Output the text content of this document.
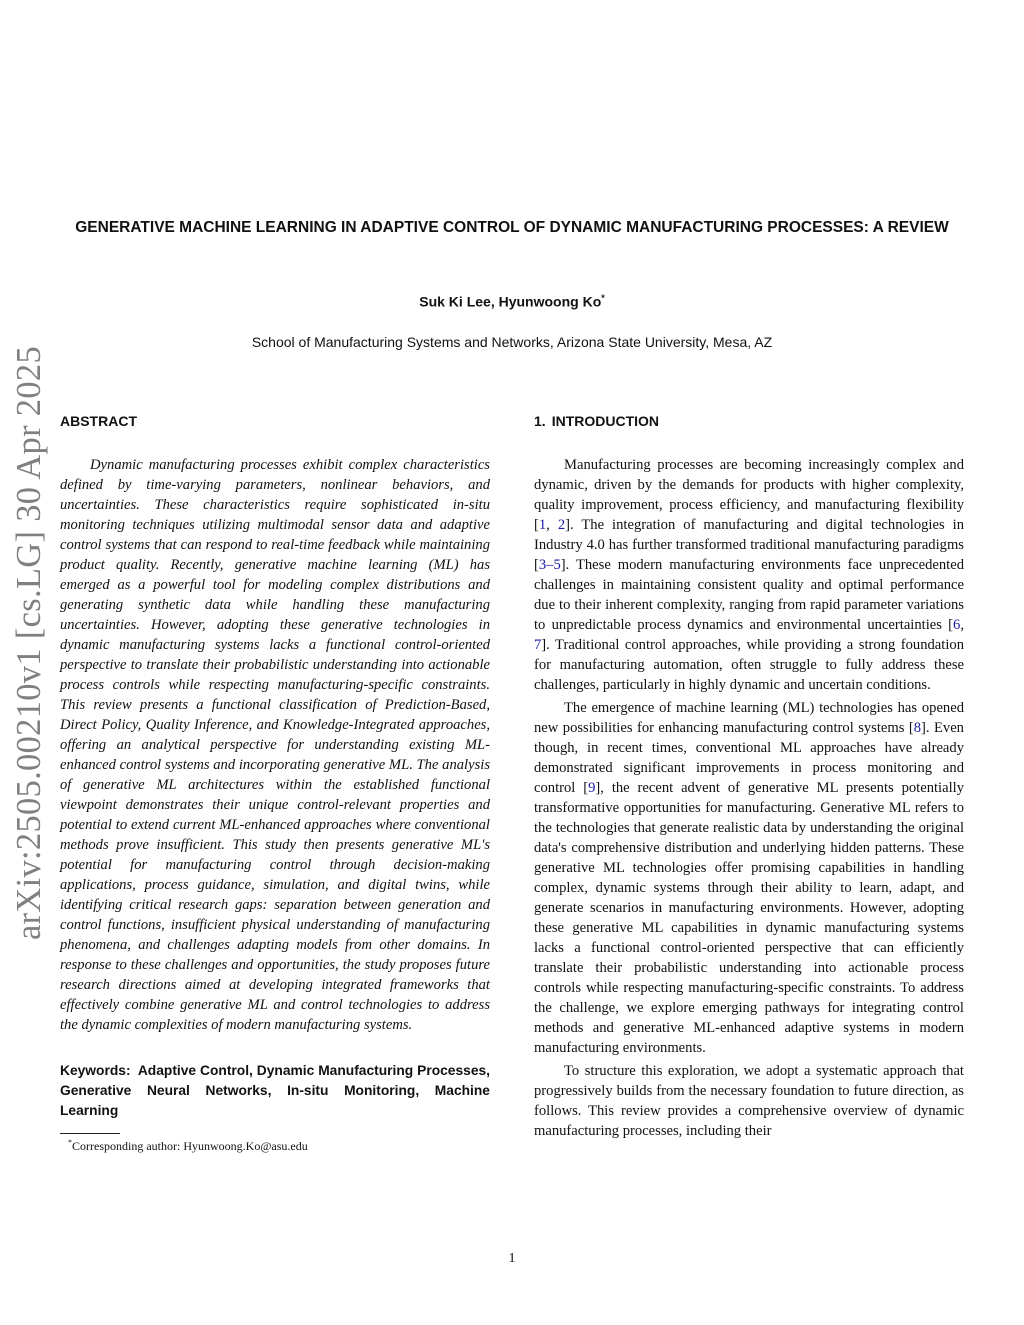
arXiv:2505.00210v1 [cs.LG] 30 Apr 2025
GENERATIVE MACHINE LEARNING IN ADAPTIVE CONTROL OF DYNAMIC MANUFACTURING PROCESSES: A REVIEW
Suk Ki Lee, Hyunwoong Ko*
School of Manufacturing Systems and Networks, Arizona State University, Mesa, AZ
ABSTRACT

Dynamic manufacturing processes exhibit complex characteristics defined by time-varying parameters, nonlinear behaviors, and uncertainties. These characteristics require sophisticated in-situ monitoring techniques utilizing multimodal sensor data and adaptive control systems that can respond to real-time feedback while maintaining product quality. Recently, generative machine learning (ML) has emerged as a powerful tool for modeling complex distributions and generating synthetic data while handling these manufacturing uncertainties. However, adopting these generative technologies in dynamic manufacturing systems lacks a functional control-oriented perspective to translate their probabilistic understanding into actionable process controls while respecting manufacturing-specific constraints. This review presents a functional classification of Prediction-Based, Direct Policy, Quality Inference, and Knowledge-Integrated approaches, offering an analytical perspective for understanding existing ML-enhanced control systems and incorporating generative ML. The analysis of generative ML architectures within the established functional viewpoint demonstrates their unique control-relevant properties and potential to extend current ML-enhanced approaches where conventional methods prove insufficient. This study then presents generative ML's potential for manufacturing control through decision-making applications, process guidance, simulation, and digital twins, while identifying critical research gaps: separation between generation and control functions, insufficient physical understanding of manufacturing phenomena, and challenges adapting models from other domains. In response to these challenges and opportunities, the study proposes future research directions aimed at developing integrated frameworks that effectively combine generative ML and control technologies to address the dynamic complexities of modern manufacturing systems.

Keywords: Adaptive Control, Dynamic Manufacturing Processes, Generative Neural Networks, In-situ Monitoring, Machine Learning
*Corresponding author: Hyunwoong.Ko@asu.edu
1. INTRODUCTION

Manufacturing processes are becoming increasingly complex and dynamic, driven by the demands for products with higher complexity, quality improvement, process efficiency, and manufacturing flexibility [1, 2]. The integration of manufacturing and digital technologies in Industry 4.0 has further transformed traditional manufacturing paradigms [3–5]. These modern manufacturing environments face unprecedented challenges in maintaining consistent quality and optimal performance due to their inherent complexity, ranging from rapid parameter variations to unpredictable process dynamics and environmental uncertainties [6, 7]. Traditional control approaches, while providing a strong foundation for manufacturing automation, often struggle to fully address these challenges, particularly in highly dynamic and uncertain conditions.

The emergence of machine learning (ML) technologies has opened new possibilities for enhancing manufacturing control systems [8]. Even though, in recent times, conventional ML approaches have already demonstrated significant improvements in process monitoring and control [9], the recent advent of generative ML presents potentially transformative opportunities for manufacturing. Generative ML refers to the technologies that generate realistic data by understanding the original data's comprehensive distribution and underlying hidden patterns. These generative ML technologies offer promising capabilities in handling complex, dynamic systems through their ability to learn, adapt, and generate scenarios in manufacturing environments. However, adopting these generative ML capabilities in dynamic manufacturing systems lacks a functional control-oriented perspective that can efficiently translate their probabilistic understanding into actionable process controls while respecting manufacturing-specific constraints. To address the challenge, we explore emerging pathways for integrating control methods and generative ML-enhanced adaptive systems in modern manufacturing environments.

To structure this exploration, we adopt a systematic approach that progressively builds from the necessary foundation to future direction, as follows. This review provides a comprehensive overview of dynamic manufacturing processes, including their

1
